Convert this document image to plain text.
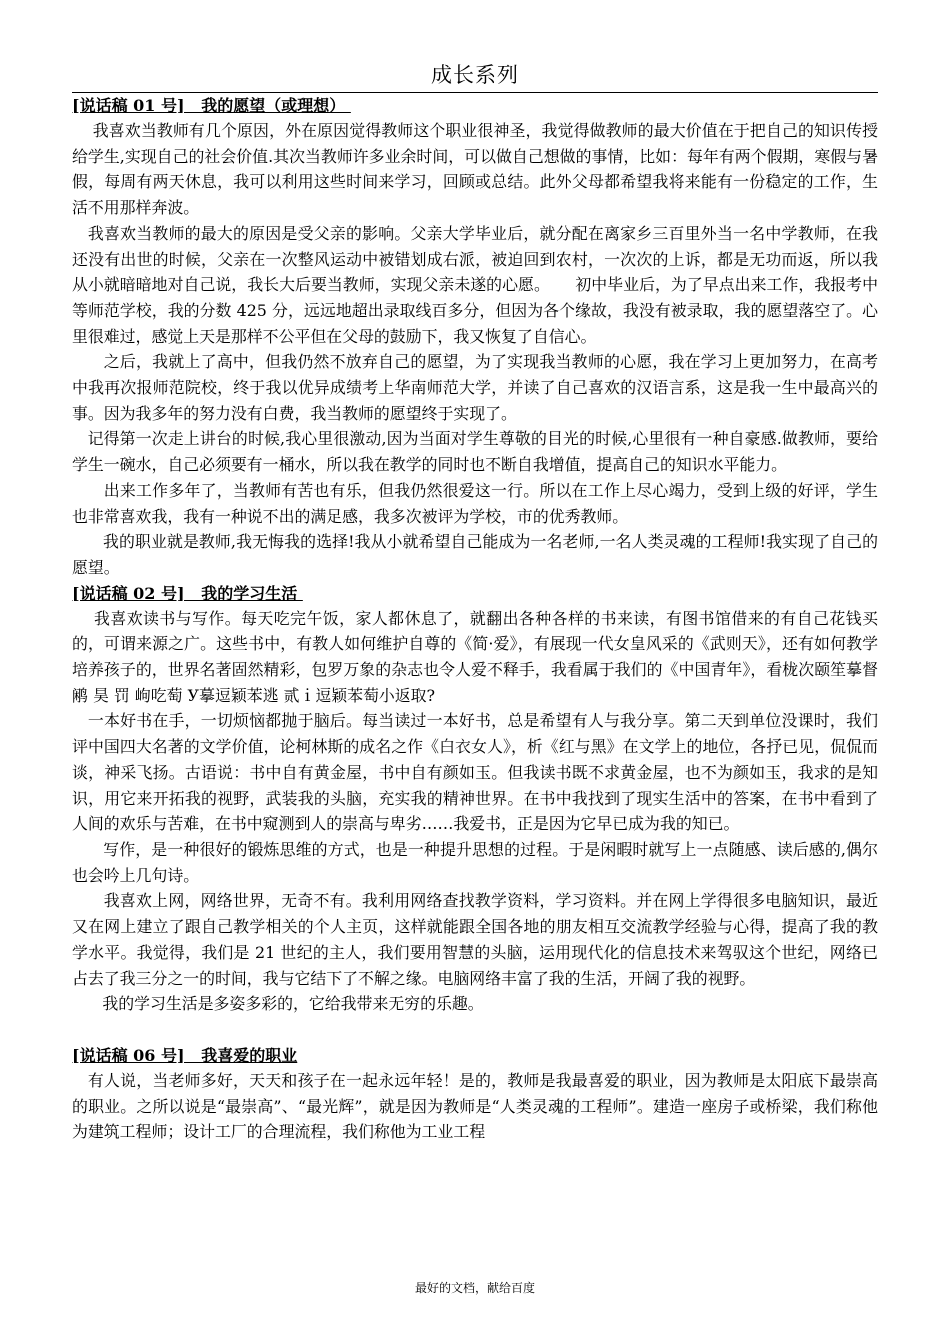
成长系列

[说话稿 01 号]   我的愿望（或理想）

我喜欢当教师有几个原因，外在原因觉得教师这个职业很神圣，我觉得做教师的最大价值在于把自己的知识传授给学生,实现自己的社会价值.其次当教师许多业余时间，可以做自己想做的事情，比如：每年有两个假期，寒假与暑假，每周有两天休息，我可以利用这些时间来学习，回顾或总结。此外父母都希望我将来能有一份稳定的工作，生活不用那样奔波。

我喜欢当教师的最大的原因是受父亲的影响。父亲大学毕业后，就分配在离家乡三百里外当一名中学教师，在我还没有出世的时候，父亲在一次整风运动中被错划成右派，被迫回到农村，一次次的上诉，都是无功而返，所以我从小就暗暗地对自己说，我长大后要当教师，实现父亲未遂的心愿。     初中毕业后，为了早点出来工作，我报考中等师范学校，我的分数 425 分，远远地超出录取线百多分，但因为各个缘故，我没有被录取，我的愿望落空了。心里很难过，感觉上天是那样不公平但在父母的鼓励下，我又恢复了自信心。

之后，我就上了高中，但我仍然不放弃自己的愿望，为了实现我当教师的心愿，我在学习上更加努力，在高考中我再次报师范院校，终于我以优异成绩考上华南师范大学，并读了自己喜欢的汉语言系，这是我一生中最高兴的事。因为我多年的努力没有白费，我当教师的愿望终于实现了。

记得第一次走上讲台的时候,我心里很激动,因为当面对学生尊敬的目光的时候,心里很有一种自豪感.做教师，要给学生一碗水，自己必须要有一桶水，所以我在教学的同时也不断自我增值，提高自己的知识水平能力。

出来工作多年了，当教师有苦也有乐，但我仍然很爱这一行。所以在工作上尽心竭力，受到上级的好评，学生也非常喜欢我，我有一种说不出的满足感，我多次被评为学校，市的优秀教师。

我的职业就是教师,我无悔我的选择!我从小就希望自己能成为一名老师,一名人类灵魂的工程师!我实现了自己的愿望。

[说话稿 02 号]   我的学习生活

我喜欢读书与写作。每天吃完午饭，家人都休息了，就翻出各种各样的书来读，有图书馆借来的有自己花钱买的，可谓来源之广。这些书中，有教人如何维护自尊的《简·爱》，有展现一代女皇风采的《武则天》，还有如何教学培养孩子的，世界名著固然精彩，包罗万象的杂志也令人爱不释手，我看属于我们的《中国青年》，看栊次颐笙摹督鹇 昊 罚 岣吃萄 У摹逗颖苯逃 贰ｉ逗颖苯萄小返取?

一本好书在手，一切烦恼都抛于脑后。每当读过一本好书，总是希望有人与我分享。第二天到单位没课时，我们评中国四大名著的文学价值，论柯林斯的成名之作《白衣女人》，析《红与黑》在文学上的地位，各抒已见，侃侃而谈，神采飞扬。古语说：书中自有黄金屋，书中自有颜如玉。但我读书既不求黄金屋，也不为颜如玉，我求的是知识，用它来开拓我的视野，武装我的头脑，充实我的精神世界。在书中我找到了现实生活中的答案，在书中看到了人间的欢乐与苦难，在书中窥测到人的崇高与卑劣……我爱书，正是因为它早已成为我的知已。

写作，是一种很好的锻炼思维的方式，也是一种提升思想的过程。于是闲暇时就写上一点随感、读后感的,偶尔也会吟上几句诗。

我喜欢上网，网络世界，无奇不有。我利用网络查找教学资料，学习资料。并在网上学得很多电脑知识，最近又在网上建立了跟自己教学相关的个人主页，这样就能跟全国各地的朋友相互交流教学经验与心得，提高了我的教学水平。我觉得，我们是 21 世纪的主人，我们要用智慧的头脑，运用现代化的信息技术来驾驭这个世纪，网络已占去了我三分之一的时间，我与它结下了不解之缘。电脑网络丰富了我的生活，开阔了我的视野。

我的学习生活是多姿多彩的，它给我带来无穷的乐趣。

[说话稿 06 号]   我喜爱的职业

有人说，当老师多好，天天和孩子在一起永远年轻！是的，教师是我最喜爱的职业，因为教师是太阳底下最崇高的职业。之所以说是“最崇高”、“最光辉”，就是因为教师是“人类灵魂的工程师”。建造一座房子或桥梁，我们称他为建筑工程师；设计工厂的合理流程，我们称他为工业工程

最好的文档，献给百度
